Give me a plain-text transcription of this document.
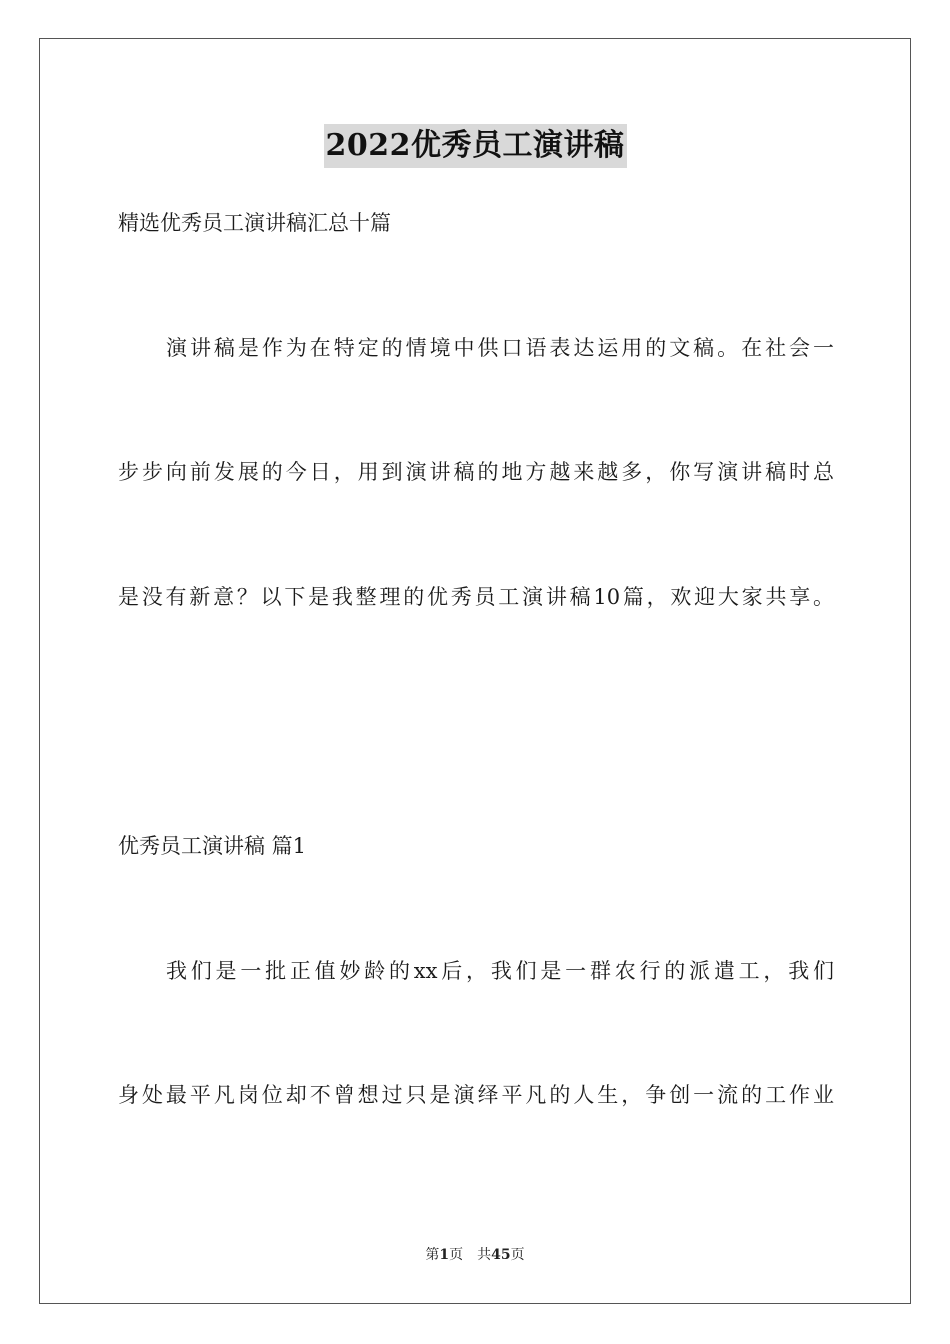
2022优秀员工演讲稿
精选优秀员工演讲稿汇总十篇
演讲稿是作为在特定的情境中供口语表达运用的文稿。在社会一
步步向前发展的今日，用到演讲稿的地方越来越多，你写演讲稿时总
是没有新意？以下是我整理的优秀员工演讲稿10篇，欢迎大家共享。
优秀员工演讲稿 篇1
我们是一批正值妙龄的xx后，我们是一群农行的派遣工，我们
身处最平凡岗位却不曾想过只是演绎平凡的人生，争创一流的工作业
第1页 共45页
